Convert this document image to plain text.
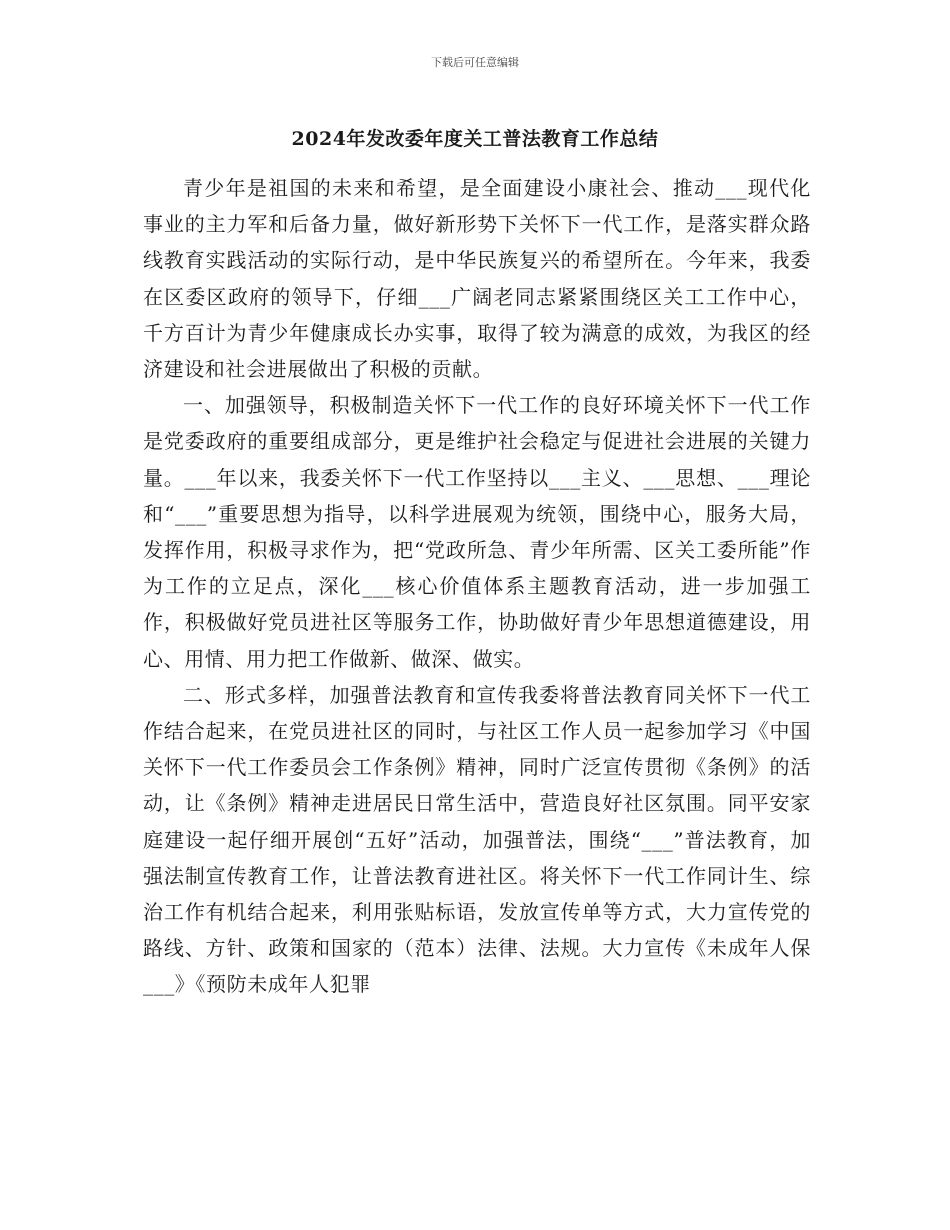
下载后可任意编辑
2024年发改委年度关工普法教育工作总结

青少年是祖国的未来和希望，是全面建设小康社会、推动___现代化事业的主力军和后备力量，做好新形势下关怀下一代工作，是落实群众路线教育实践活动的实际行动，是中华民族复兴的希望所在。今年来，我委在区委区政府的领导下，仔细___广阔老同志紧紧围绕区关工工作中心，千方百计为青少年健康成长办实事，取得了较为满意的成效，为我区的经济建设和社会进展做出了积极的贡献。

一、加强领导，积极制造关怀下一代工作的良好环境关怀下一代工作是党委政府的重要组成部分，更是维护社会稳定与促进社会进展的关键力量。___年以来，我委关怀下一代工作坚持以___主义、___思想、___理论和“___”重要思想为指导，以科学进展观为统领，围绕中心，服务大局，发挥作用，积极寻求作为，把“党政所急、青少年所需、区关工委所能”作为工作的立足点，深化___核心价值体系主题教育活动，进一步加强工作，积极做好党员进社区等服务工作，协助做好青少年思想道德建设，用心、用情、用力把工作做新、做深、做实。

二、形式多样，加强普法教育和宣传我委将普法教育同关怀下一代工作结合起来，在党员进社区的同时，与社区工作人员一起参加学习《中国关怀下一代工作委员会工作条例》精神，同时广泛宣传贯彻《条例》的活动，让《条例》精神走进居民日常生活中，营造良好社区氛围。同平安家庭建设一起仔细开展创“五好”活动，加强普法，围绕“___”普法教育，加强法制宣传教育工作，让普法教育进社区。将关怀下一代工作同计生、综治工作有机结合起来，利用张贴标语，发放宣传单等方式，大力宣传党的路线、方针、政策和国家的（范本）法律、法规。大力宣传《未成年人保___》《预防未成年人犯罪
